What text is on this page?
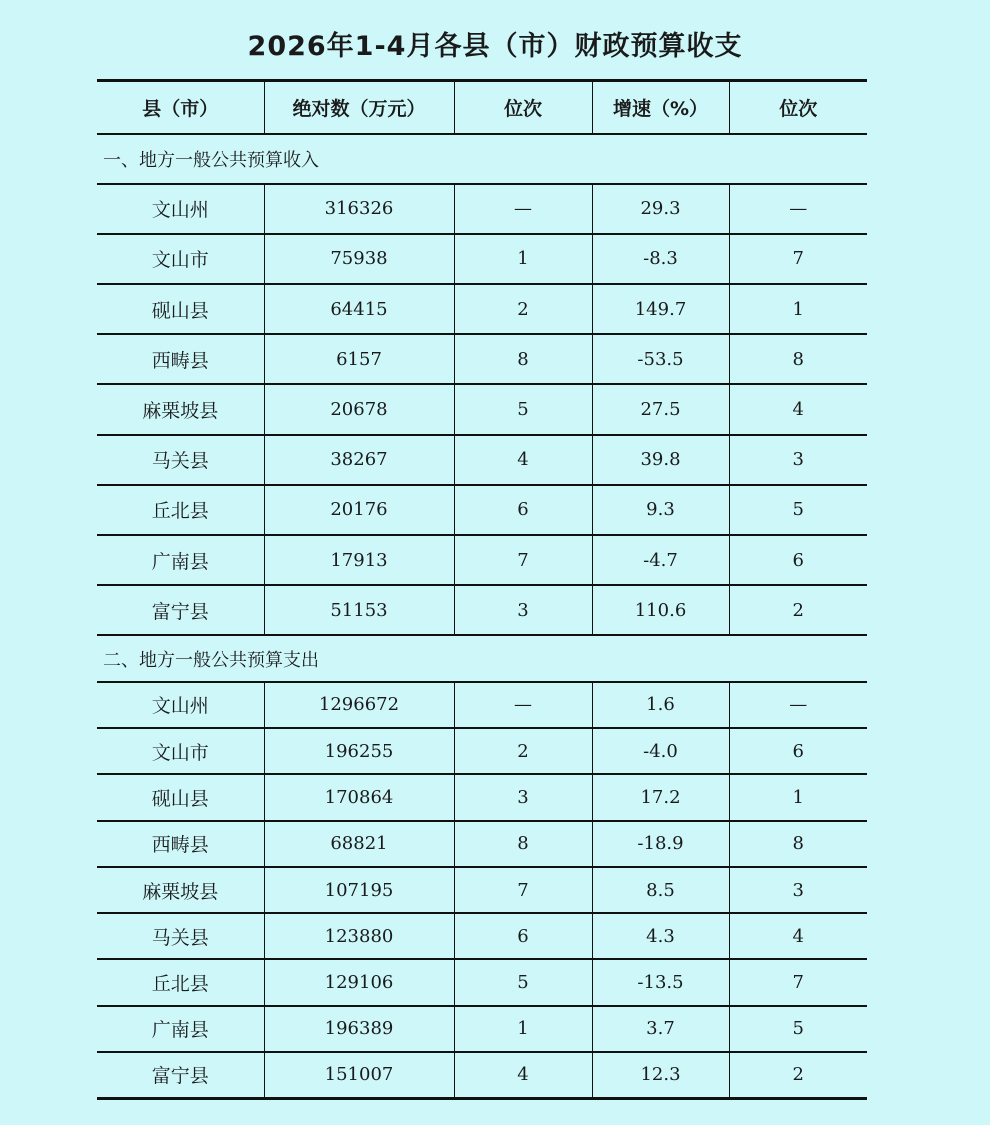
2026年1-4月各县（市）财政预算收支
县（市）	绝对数（万元）	位次	增速（%）	位次
一、地方一般公共预算收入				
文山州	316326	—	29.3	—
文山市	75938	1	-8.3	7
砚山县	64415	2	149.7	1
西畴县	6157	8	-53.5	8
麻栗坡县	20678	5	27.5	4
马关县	38267	4	39.8	3
丘北县	20176	6	9.3	5
广南县	17913	7	-4.7	6
富宁县	51153	3	110.6	2
二、地方一般公共预算支出				
文山州	1296672	—	1.6	—
文山市	196255	2	-4.0	6
砚山县	170864	3	17.2	1
西畴县	68821	8	-18.9	8
麻栗坡县	107195	7	8.5	3
马关县	123880	6	4.3	4
丘北县	129106	5	-13.5	7
广南县	196389	1	3.7	5
富宁县	151007	4	12.3	2
